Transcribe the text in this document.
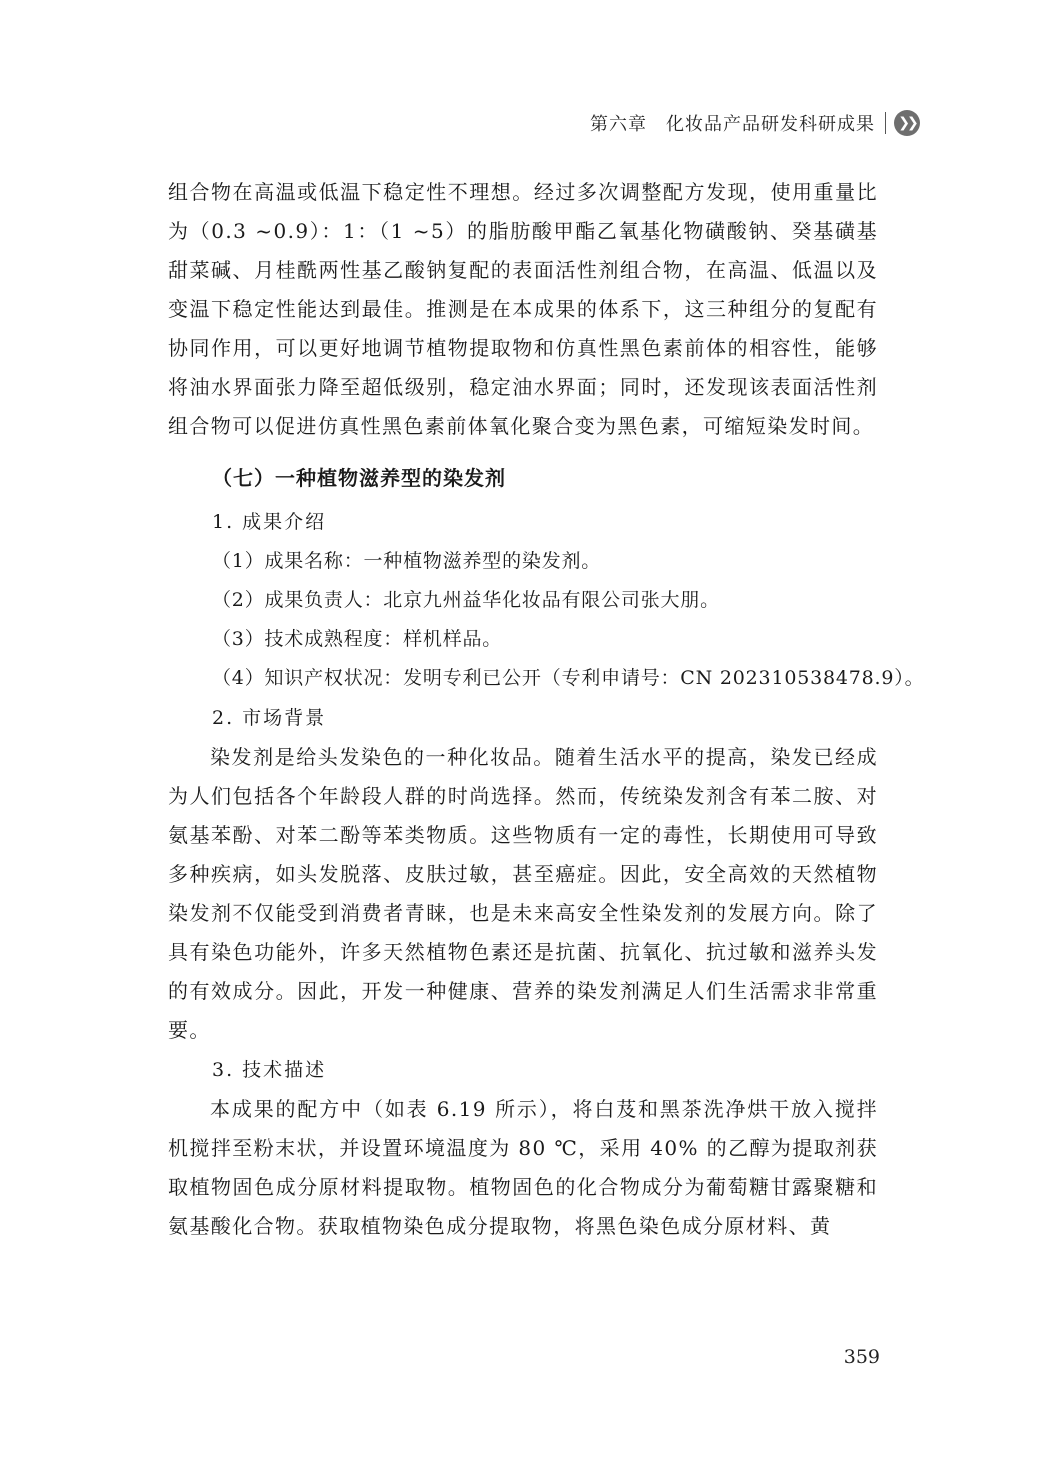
第六章　化妆品产品研发科研成果	❯❯

组合物在高温或低温下稳定性不理想。经过多次调整配方发现，使用重量比为（0.3 ~0.9）：1：（1 ~5）的脂肪酸甲酯乙氧基化物磺酸钠、癸基磺基甜菜碱、月桂酰两性基乙酸钠复配的表面活性剂组合物，在高温、低温以及变温下稳定性能达到最佳。推测是在本成果的体系下，这三种组分的复配有协同作用，可以更好地调节植物提取物和仿真性黑色素前体的相容性，能够将油水界面张力降至超低级别，稳定油水界面；同时，还发现该表面活性剂组合物可以促进仿真性黑色素前体氧化聚合变为黑色素，可缩短染发时间。

（七）一种植物滋养型的染发剂
1. 成果介绍
（1）成果名称：一种植物滋养型的染发剂。
（2）成果负责人：北京九州益华化妆品有限公司张大朋。
（3）技术成熟程度：样机样品。
（4）知识产权状况：发明专利已公开（专利申请号：CN 202310538478.9）。
2. 市场背景

染发剂是给头发染色的一种化妆品。随着生活水平的提高，染发已经成为人们包括各个年龄段人群的时尚选择。然而，传统染发剂含有苯二胺、对氨基苯酚、对苯二酚等苯类物质。这些物质有一定的毒性，长期使用可导致多种疾病，如头发脱落、皮肤过敏，甚至癌症。因此，安全高效的天然植物染发剂不仅能受到消费者青睐，也是未来高安全性染发剂的发展方向。除了具有染色功能外，许多天然植物色素还是抗菌、抗氧化、抗过敏和滋养头发的有效成分。因此，开发一种健康、营养的染发剂满足人们生活需求非常重要。

3. 技术描述

本成果的配方中（如表 6.19 所示），将白芨和黑茶洗净烘干放入搅拌机搅拌至粉末状，并设置环境温度为 80 ℃，采用 40% 的乙醇为提取剂获取植物固色成分原材料提取物。植物固色的化合物成分为葡萄糖甘露聚糖和氨基酸化合物。获取植物染色成分提取物，将黑色染色成分原材料、黄

359
